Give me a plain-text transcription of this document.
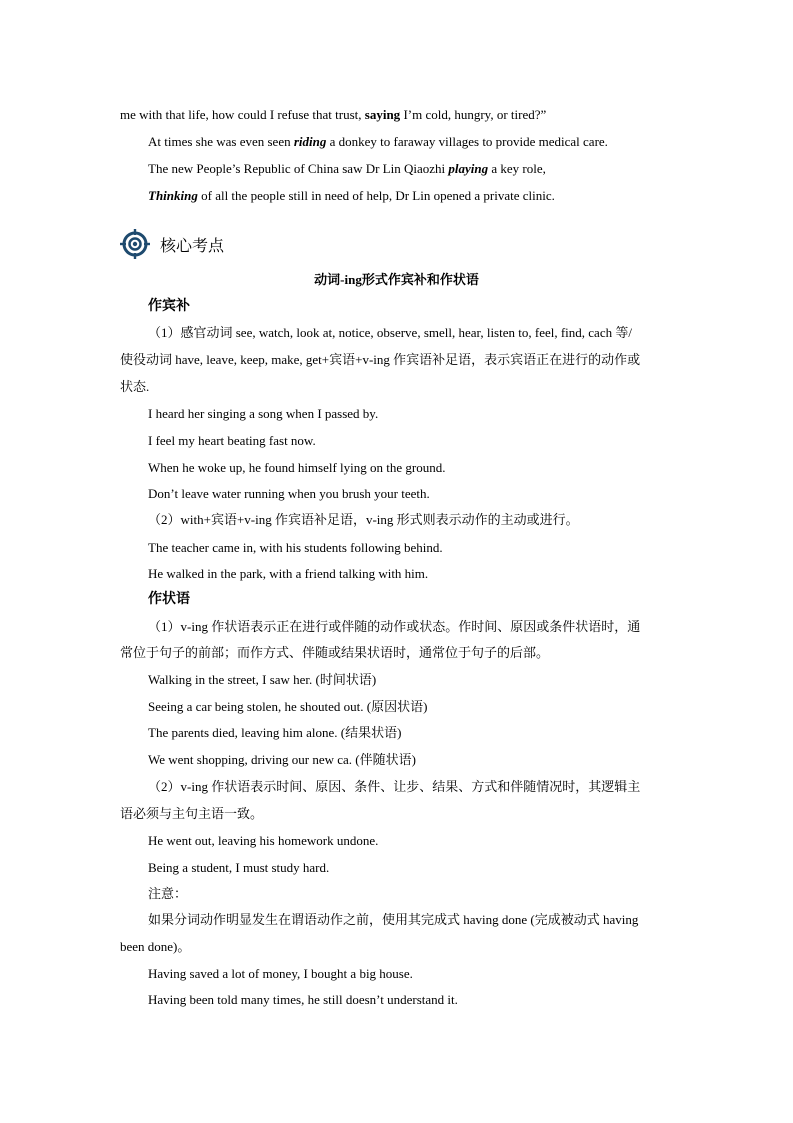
me with that life, how could I refuse that trust, saying I’m cold, hungry, or tired?”
At times she was even seen riding a donkey to faraway villages to provide medical care.
The new People’s Republic of China saw Dr Lin Qiaozhi playing a key role,
Thinking of all the people still in need of help, Dr Lin opened a private clinic.
核心考点
动词-ing形式作宾补和作状语
作宾补
（1）感官动词 see, watch, look at, notice, observe, smell, hear, listen to, feel, find, cach 等/
使役动词 have, leave, keep, make, get+宾语+v-ing 作宾语补足语，表示宾语正在进行的动作或
状态.
I heard her singing a song when I passed by.
I feel my heart beating fast now.
When he woke up, he found himself lying on the ground.
Don’t leave water running when you brush your teeth.
（2）with+宾语+v-ing 作宾语补足语，v-ing 形式则表示动作的主动或进行。
The teacher came in, with his students following behind.
He walked in the park, with a friend talking with him.
作状语
（1）v-ing 作状语表示正在进行或伴随的动作或状态。作时间、原因或条件状语时，通
常位于句子的前部；而作方式、伴随或结果状语时，通常位于句子的后部。
Walking in the street, I saw her. (时间状语)
Seeing a car being stolen, he shouted out. (原因状语)
The parents died, leaving him alone. (结果状语)
We went shopping, driving our new ca. (伴随状语)
（2）v-ing 作状语表示时间、原因、条件、让步、结果、方式和伴随情况时，其逻辑主
语必须与主句主语一致。
He went out, leaving his homework undone.
Being a student, I must study hard.
注意：
如果分词动作明显发生在谓语动作之前，使用其完成式 having done (完成被动式 having
been done)。
Having saved a lot of money, I bought a big house.
Having been told many times, he still doesn’t understand it.
